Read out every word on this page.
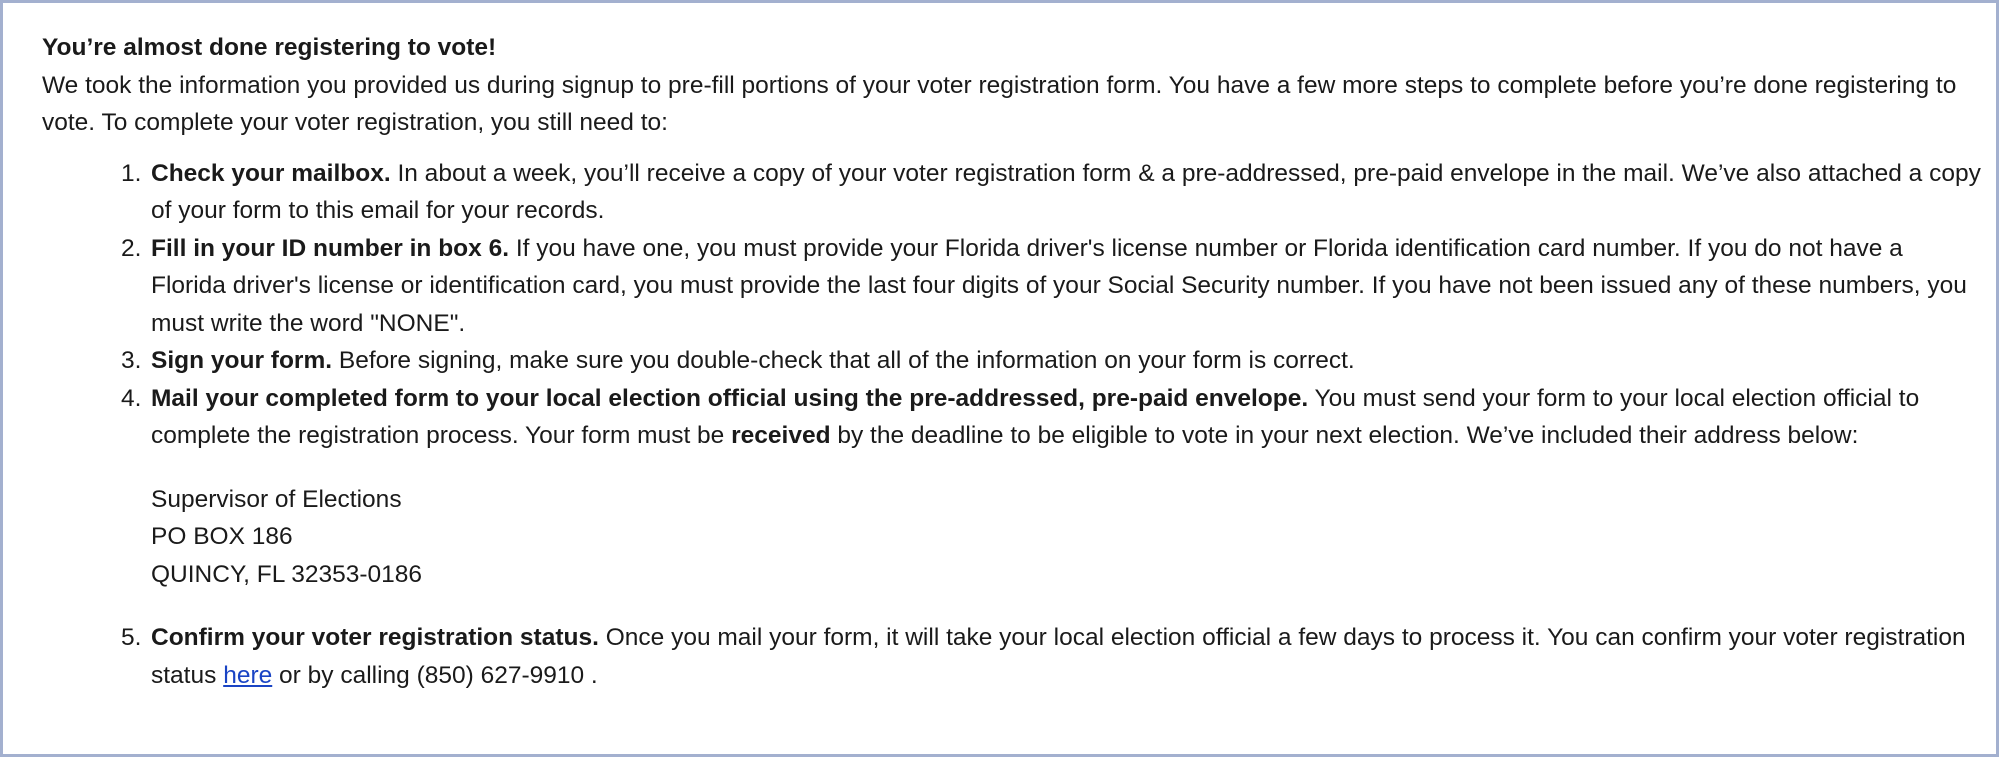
You’re almost done registering to vote!

We took the information you provided us during signup to pre-fill portions of your voter registration form. You have a few more steps to complete before you’re done registering to vote. To complete your voter registration, you still need to:

1. Check your mailbox. In about a week, you’ll receive a copy of your voter registration form & a pre-addressed, pre-paid envelope in the mail. We’ve also attached a copy of your form to this email for your records.
2. Fill in your ID number in box 6. If you have one, you must provide your Florida driver's license number or Florida identification card number. If you do not have a Florida driver's license or identification card, you must provide the last four digits of your Social Security number. If you have not been issued any of these numbers, you must write the word "NONE".
3. Sign your form. Before signing, make sure you double-check that all of the information on your form is correct.
4. Mail your completed form to your local election official using the pre-addressed, pre-paid envelope. You must send your form to your local election official to complete the registration process. Your form must be received by the deadline to be eligible to vote in your next election. We’ve included their address below:
Supervisor of Elections
PO BOX 186
QUINCY, FL 32353-0186
5. Confirm your voter registration status. Once you mail your form, it will take your local election official a few days to process it. You can confirm your voter registration status here or by calling (850) 627-9910 .
